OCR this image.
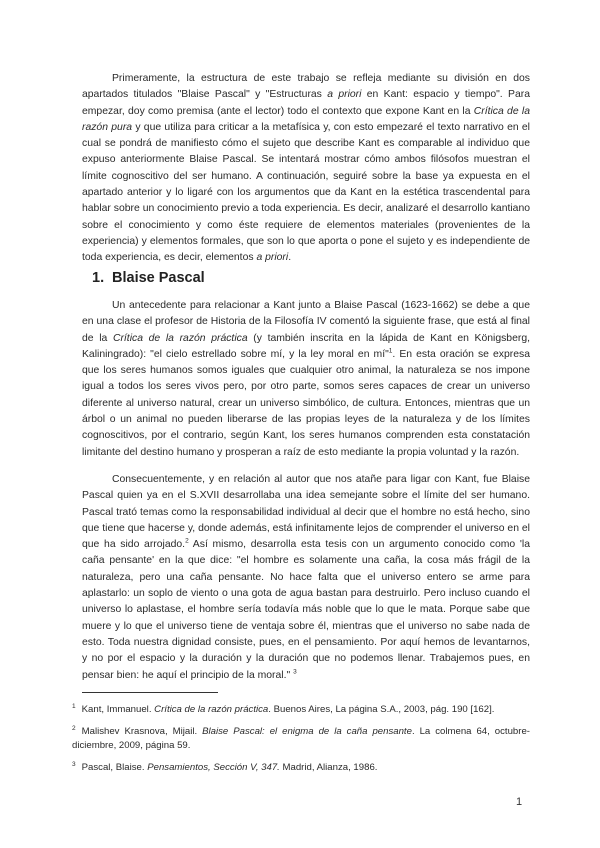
Primeramente, la estructura de este trabajo se refleja mediante su división en dos apartados titulados "Blaise Pascal" y "Estructuras a priori en Kant: espacio y tiempo". Para empezar, doy como premisa (ante el lector) todo el contexto que expone Kant en la Crítica de la razón pura y que utiliza para criticar a la metafísica y, con esto empezaré el texto narrativo en el cual se pondrá de manifiesto cómo el sujeto que describe Kant es comparable al individuo que expuso anteriormente Blaise Pascal. Se intentará mostrar cómo ambos filósofos muestran el límite cognoscitivo del ser humano. A continuación, seguiré sobre la base ya expuesta en el apartado anterior y lo ligaré con los argumentos que da Kant en la estética trascendental para hablar sobre un conocimiento previo a toda experiencia. Es decir, analizaré el desarrollo kantiano sobre el conocimiento y como éste requiere de elementos materiales (provenientes de la experiencia) y elementos formales, que son lo que aporta o pone el sujeto y es independiente de toda experiencia, es decir, elementos a priori.

1. Blaise Pascal

Un antecedente para relacionar a Kant junto a Blaise Pascal (1623-1662) se debe a que en una clase el profesor de Historia de la Filosofía IV comentó la siguiente frase, que está al final de la Crítica de la razón práctica (y también inscrita en la lápida de Kant en Königsberg, Kaliningrado): "el cielo estrellado sobre mí, y la ley moral en mí"$^1$. En esta oración se expresa que los seres humanos somos iguales que cualquier otro animal, la naturaleza se nos impone igual a todos los seres vivos pero, por otro parte, somos seres capaces de crear un universo diferente al universo natural, crear un universo simbólico, de cultura. Entonces, mientras que un árbol o un animal no pueden liberarse de las propias leyes de la naturaleza y de los límites cognoscitivos, por el contrario, según Kant, los seres humanos comprenden esta constatación limitante del destino humano y prosperan a raíz de esto mediante la propia voluntad y la razón.

Consecuentemente, y en relación al autor que nos atañe para ligar con Kant, fue Blaise Pascal quien ya en el S.XVII desarrollaba una idea semejante sobre el límite del ser humano. Pascal trató temas como la responsabilidad individual al decir que el hombre no está hecho, sino que tiene que hacerse y, donde además, está infinitamente lejos de comprender el universo en el que ha sido arrojado.$^2$ Así mismo, desarrolla esta tesis con un argumento conocido como 'la caña pensante' en la que dice: "el hombre es solamente una caña, la cosa más frágil de la naturaleza, pero una caña pensante. No hace falta que el universo entero se arme para aplastarlo: un soplo de viento o una gota de agua bastan para destruirlo. Pero incluso cuando el universo lo aplastase, el hombre sería todavía más noble que lo que le mata. Porque sabe que muere y lo que el universo tiene de ventaja sobre él, mientras que el universo no sabe nada de esto. Toda nuestra dignidad consiste, pues, en el pensamiento. Por aquí hemos de levantarnos, y no por el espacio y la duración y la duración que no podemos llenar. Trabajemos pues, en pensar bien: he aquí el principio de la moral." $^3$

$^1$ Kant, Immanuel. Crítica de la razón práctica. Buenos Aires, La página S.A., 2003, pág. 190 [162].

$^2$ Malishev Krasnova, Mijail. Blaise Pascal: el enigma de la caña pensante. La colmena 64, octubre-diciembre, 2009, página 59.

$^3$ Pascal, Blaise. Pensamientos, Sección V, 347. Madrid, Alianza, 1986.

1
